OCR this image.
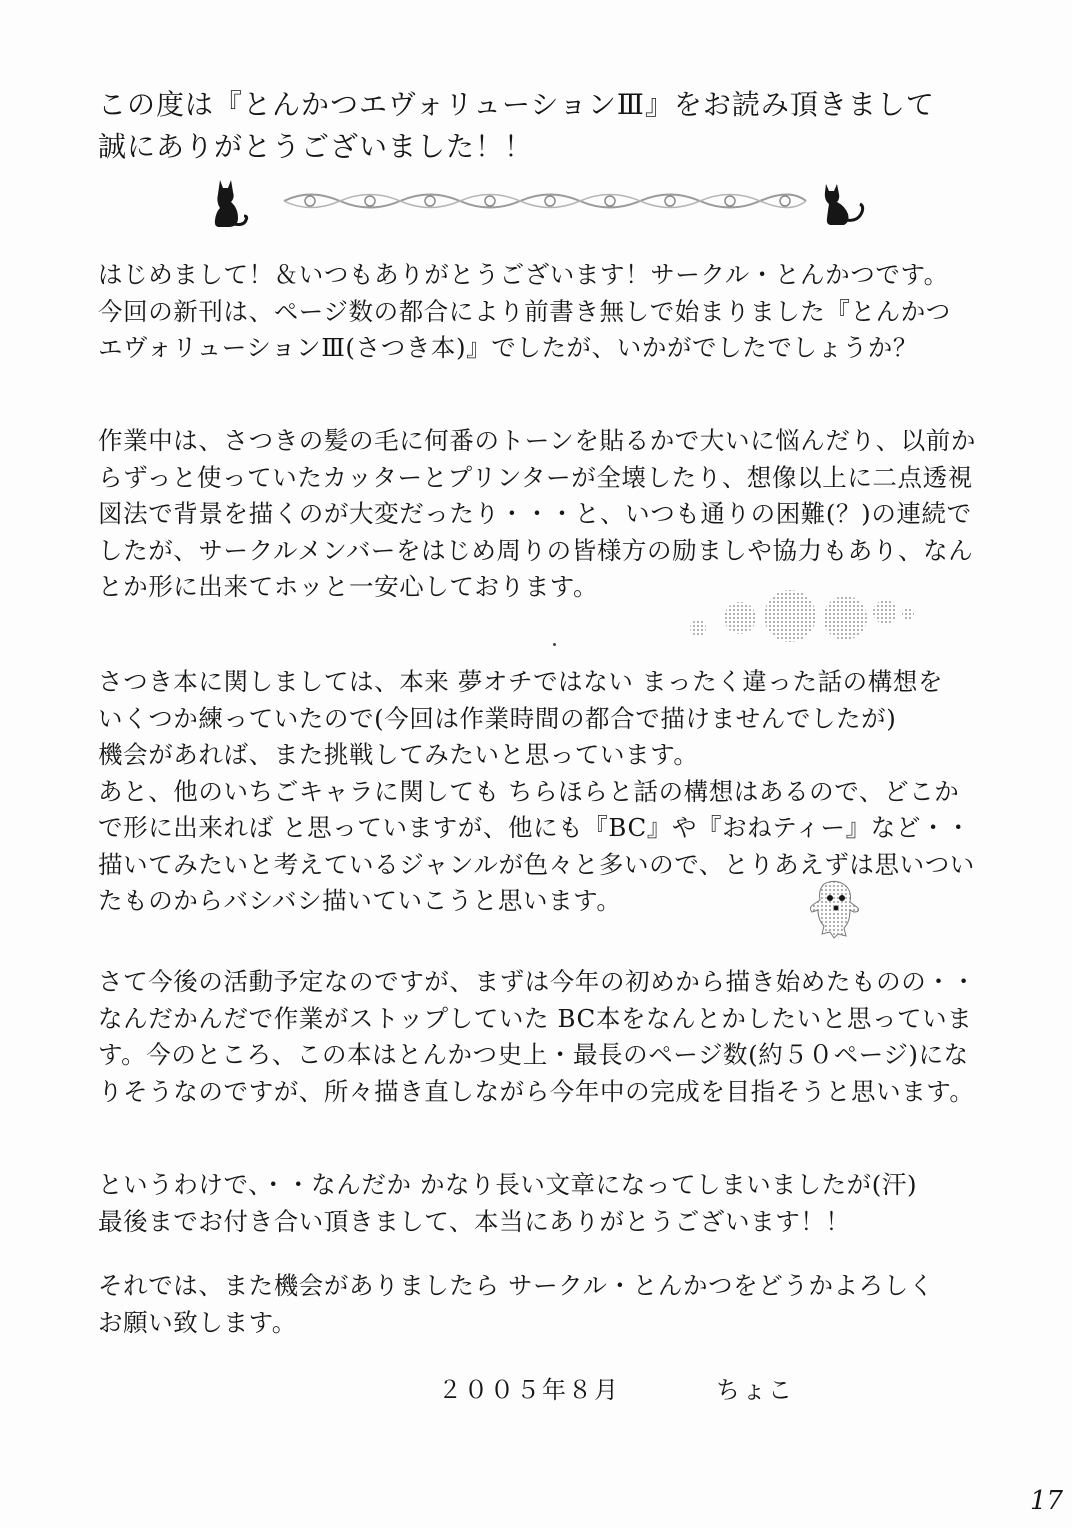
この度は『とんかつエヴォリューションⅢ』をお読み頂きまして
誠にありがとうございました！！
はじめまして！＆いつもありがとうございます！サークル・とんかつです。
今回の新刊は、ページ数の都合により前書き無しで始まりました『とんかつ
エヴォリューションⅢ(さつき本)』でしたが、いかがでしたでしょうか？
作業中は、さつきの髪の毛に何番のトーンを貼るかで大いに悩んだり、以前か
らずっと使っていたカッターとプリンターが全壊したり、想像以上に二点透視
図法で背景を描くのが大変だったり・・・と、いつも通りの困難(？)の連続で
したが、サークルメンバーをはじめ周りの皆様方の励ましや協力もあり、なん
とか形に出来てホッと一安心しております。
さつき本に関しましては、本来 夢オチではない まったく違った話の構想を
いくつか練っていたので(今回は作業時間の都合で描けませんでしたが)
機会があれば、また挑戦してみたいと思っています。
あと、他のいちごキャラに関しても ちらほらと話の構想はあるので、どこか
で形に出来れば と思っていますが、他にも『BC』や『おねティー』など・・
描いてみたいと考えているジャンルが色々と多いので、とりあえずは思いつい
たものからバシバシ描いていこうと思います。
さて今後の活動予定なのですが、まずは今年の初めから描き始めたものの・・
なんだかんだで作業がストップしていた BC本をなんとかしたいと思っていま
す。今のところ、この本はとんかつ史上・最長のページ数(約５０ページ)にな
りそうなのですが、所々描き直しながら今年中の完成を目指そうと思います。
というわけで、・・なんだか かなり長い文章になってしまいましたが(汗)
最後までお付き合い頂きまして、本当にありがとうございます！！
それでは、また機会がありましたら サークル・とんかつをどうかよろしく
お願い致します。
２００５年８月	ちょこ
17
